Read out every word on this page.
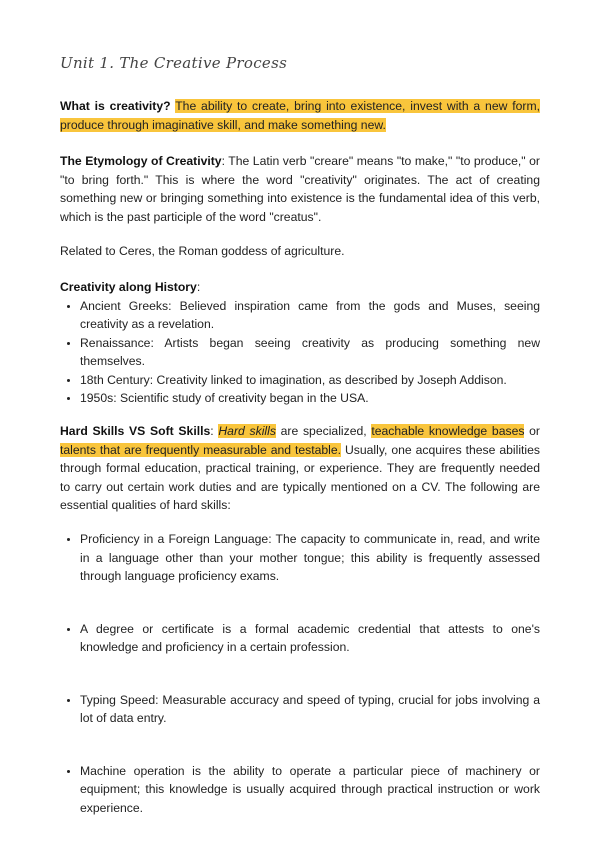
Unit 1. The Creative Process

What is creativity? The ability to create, bring into existence, invest with a new form, produce through imaginative skill, and make something new.

The Etymology of Creativity: The Latin verb "creare" means "to make," "to produce," or "to bring forth." This is where the word "creativity" originates. The act of creating something new or bringing something into existence is the fundamental idea of this verb, which is the past participle of the word "creatus".

Related to Ceres, the Roman goddess of agriculture.

Creativity along History:

• Ancient Greeks: Believed inspiration came from the gods and Muses, seeing creativity as a revelation.
• Renaissance: Artists began seeing creativity as producing something new themselves.
• 18th Century: Creativity linked to imagination, as described by Joseph Addison.
• 1950s: Scientific study of creativity began in the USA.

Hard Skills VS Soft Skills: Hard skills are specialized, teachable knowledge bases or talents that are frequently measurable and testable. Usually, one acquires these abilities through formal education, practical training, or experience. They are frequently needed to carry out certain work duties and are typically mentioned on a CV. The following are essential qualities of hard skills:

• Proficiency in a Foreign Language: The capacity to communicate in, read, and write in a language other than your mother tongue; this ability is frequently assessed through language proficiency exams.
• A degree or certificate is a formal academic credential that attests to one's knowledge and proficiency in a certain profession.
• Typing Speed: Measurable accuracy and speed of typing, crucial for jobs involving a lot of data entry.
• Machine operation is the ability to operate a particular piece of machinery or equipment; this knowledge is usually acquired through practical instruction or work experience.
